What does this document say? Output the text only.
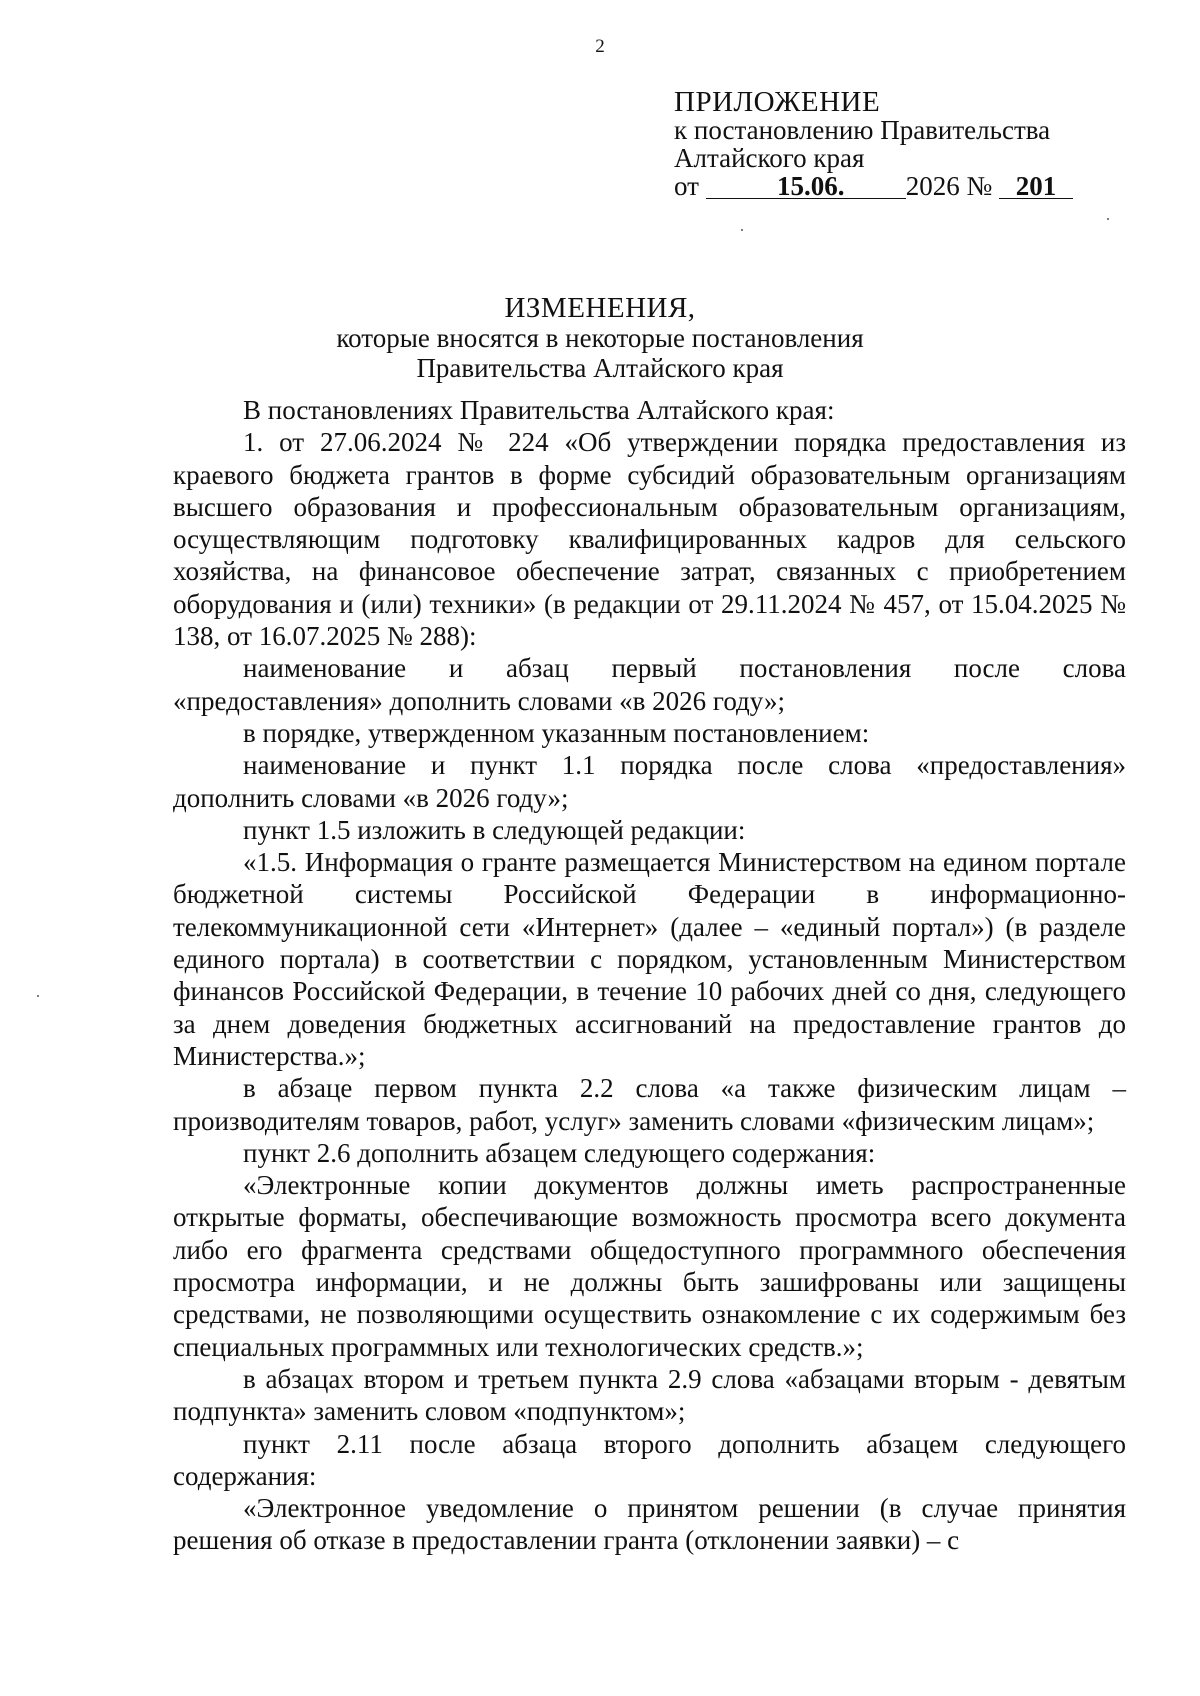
2
ПРИЛОЖЕНИЕ
к постановлению Правительства
Алтайского края
от	15.06. 2026 № 201
ИЗМЕНЕНИЯ,
которые вносятся в некоторые постановления
Правительства Алтайского края

В постановлениях Правительства Алтайского края:

1. от 27.06.2024 № 224 «Об утверждении порядка предоставления из краевого бюджета грантов в форме субсидий образовательным организациям высшего образования и профессиональным образовательным организациям, осуществляющим подготовку квалифицированных кадров для сельского хозяйства, на финансовое обеспечение затрат, связанных с приобретением оборудования и (или) техники» (в редакции от 29.11.2024 № 457, от 15.04.2025 № 138, от 16.07.2025 № 288):

наименование и абзац первый постановления после слова «предоставления» дополнить словами «в 2026 году»;

в порядке, утвержденном указанным постановлением:

наименование и пункт 1.1 порядка после слова «предоставления» дополнить словами «в 2026 году»;

пункт 1.5 изложить в следующей редакции:

«1.5. Информация о гранте размещается Министерством на едином портале бюджетной системы Российской Федерации в информационно-телекоммуникационной сети «Интернет» (далее – «единый портал») (в разделе единого портала) в соответствии с порядком, установленным Министерством финансов Российской Федерации, в течение 10 рабочих дней со дня, следующего за днем доведения бюджетных ассигнований на предоставление грантов до Министерства.»;

в абзаце первом пункта 2.2 слова «а также физическим лицам – производителям товаров, работ, услуг» заменить словами «физическим лицам»;

пункт 2.6 дополнить абзацем следующего содержания:

«Электронные копии документов должны иметь распространенные открытые форматы, обеспечивающие возможность просмотра всего документа либо его фрагмента средствами общедоступного программного обеспечения просмотра информации, и не должны быть зашифрованы или защищены средствами, не позволяющими осуществить ознакомление с их содержимым без специальных программных или технологических средств.»;

в абзацах втором и третьем пункта 2.9 слова «абзацами вторым - девятым подпункта» заменить словом «подпунктом»;

пункт 2.11 после абзаца второго дополнить абзацем следующего содержания:

«Электронное уведомление о принятом решении (в случае принятия решения об отказе в предоставлении гранта (отклонении заявки) – с
